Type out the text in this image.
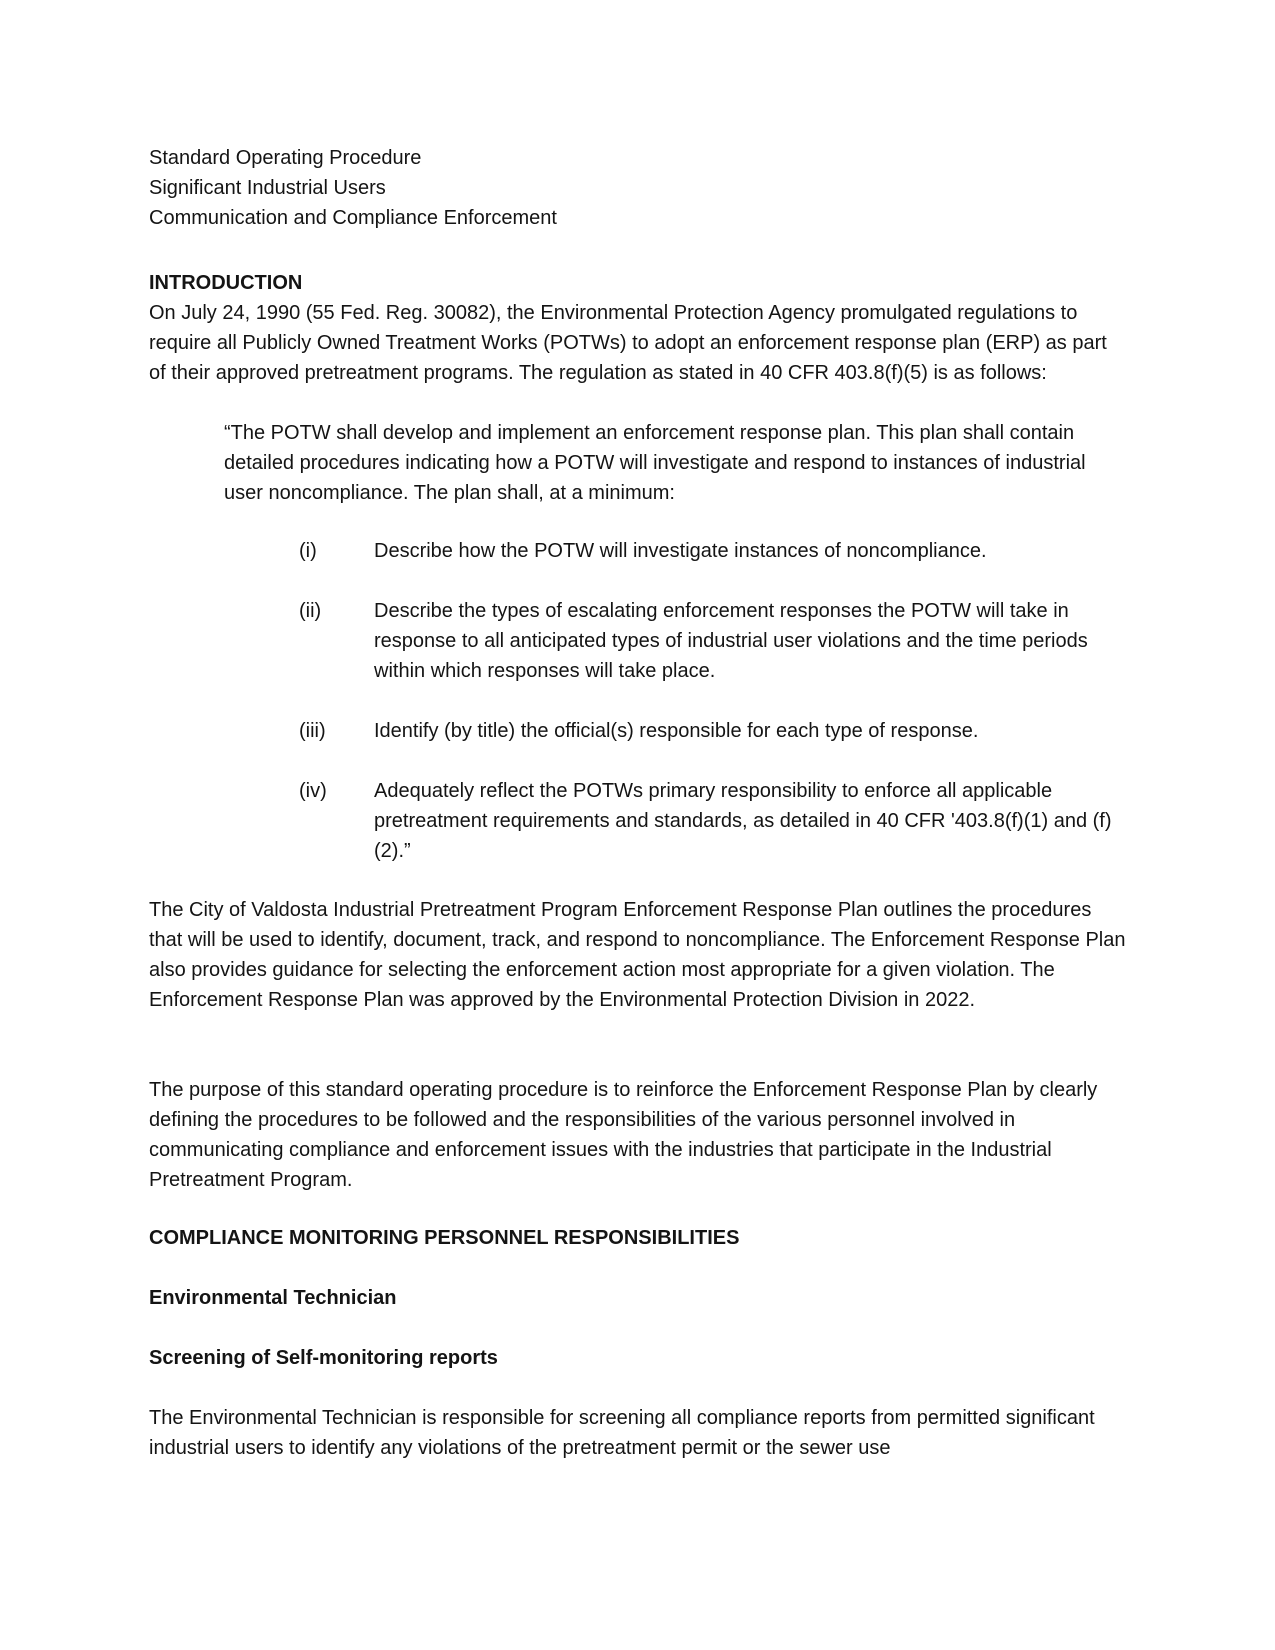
Standard Operating Procedure
Significant Industrial Users
Communication and Compliance Enforcement
INTRODUCTION

On July 24, 1990 (55 Fed. Reg. 30082), the Environmental Protection Agency promulgated regulations to require all Publicly Owned Treatment Works (POTWs) to adopt an enforcement response plan (ERP) as part of their approved pretreatment programs. The regulation as stated in 40 CFR 403.8(f)(5) is as follows:

“The POTW shall develop and implement an enforcement response plan. This plan shall contain detailed procedures indicating how a POTW will investigate and respond to instances of industrial user noncompliance. The plan shall, at a minimum:

(i)	Describe how the POTW will investigate instances of noncompliance.
(ii)	Describe the types of escalating enforcement responses the POTW will take in response to all anticipated types of industrial user violations and the time periods within which responses will take place.
(iii)	Identify (by title) the official(s) responsible for each type of response.
(iv)	Adequately reflect the POTWs primary responsibility to enforce all applicable pretreatment requirements and standards, as detailed in 40 CFR '403.8(f)(1) and (f)(2).”

The City of Valdosta Industrial Pretreatment Program Enforcement Response Plan outlines the procedures that will be used to identify, document, track, and respond to noncompliance. The Enforcement Response Plan also provides guidance for selecting the enforcement action most appropriate for a given violation. The Enforcement Response Plan was approved by the Environmental Protection Division in 2022.

The purpose of this standard operating procedure is to reinforce the Enforcement Response Plan by clearly defining the procedures to be followed and the responsibilities of the various personnel involved in communicating compliance and enforcement issues with the industries that participate in the Industrial Pretreatment Program.

COMPLIANCE MONITORING PERSONNEL RESPONSIBILITIES
Environmental Technician
Screening of Self-monitoring reports

The Environmental Technician is responsible for screening all compliance reports from permitted significant industrial users to identify any violations of the pretreatment permit or the sewer use
